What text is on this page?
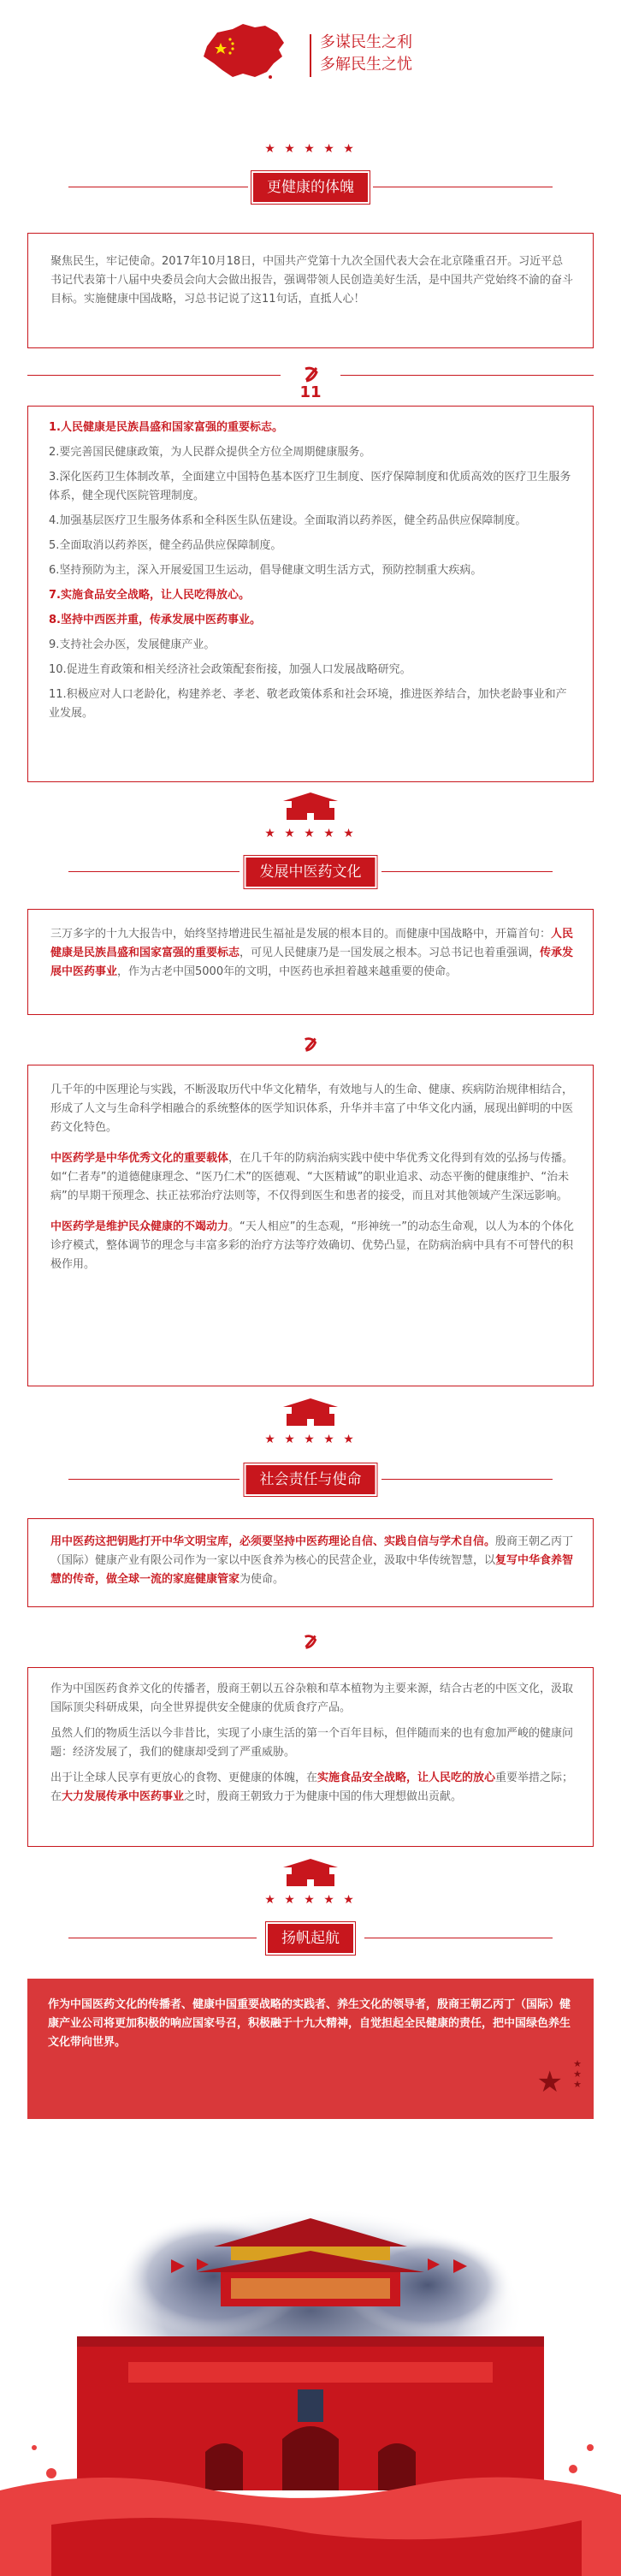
多谋民生之利
多解民生之忧
★ ★ ★ ★ ★
更健康的体魄
聚焦民生，牢记使命。2017年10月18日，中国共产党第十九次全国代表大会在北京隆重召开。习近平总书记代表第十八届中央委员会向大会做出报告，强调带领人民创造美好生活，是中国共产党始终不渝的奋斗目标。实施健康中国战略，习总书记说了这11句话，直抵人心！
11
1.人民健康是民族昌盛和国家富强的重要标志。
2.要完善国民健康政策，为人民群众提供全方位全周期健康服务。
3.深化医药卫生体制改革，全面建立中国特色基本医疗卫生制度、医疗保障制度和优质高效的医疗卫生服务体系，健全现代医院管理制度。
4.加强基层医疗卫生服务体系和全科医生队伍建设。全面取消以药养医，健全药品供应保障制度。
5.全面取消以药养医，健全药品供应保障制度。
6.坚持预防为主，深入开展爱国卫生运动，倡导健康文明生活方式，预防控制重大疾病。
7.实施食品安全战略，让人民吃得放心。
8.坚持中西医并重，传承发展中医药事业。
9.支持社会办医，发展健康产业。
10.促进生育政策和相关经济社会政策配套衔接，加强人口发展战略研究。
11.积极应对人口老龄化，构建养老、孝老、敬老政策体系和社会环境，推进医养结合，加快老龄事业和产业发展。
★ ★ ★ ★ ★
发展中医药文化
三万多字的十九大报告中，始终坚持增进民生福祉是发展的根本目的。而健康中国战略中，开篇首句：人民健康是民族昌盛和国家富强的重要标志，可见人民健康乃是一国发展之根本。习总书记也着重强调，传承发展中医药事业，作为古老中国5000年的文明，中医药也承担着越来越重要的使命。
几千年的中医理论与实践，不断汲取历代中华文化精华，有效地与人的生命、健康、疾病防治规律相结合，形成了人文与生命科学相融合的系统整体的医学知识体系，升华并丰富了中华文化内涵，展现出鲜明的中医药文化特色。
中医药学是中华优秀文化的重要载体，在几千年的防病治病实践中使中华优秀文化得到有效的弘扬与传播。如“仁者寿”的道德健康理念、“医乃仁术”的医德观、“大医精诚”的职业追求、动态平衡的健康维护、“治未病”的早期干预理念、扶正祛邪治疗法则等，不仅得到医生和患者的接受，而且对其他领域产生深远影响。
中医药学是维护民众健康的不竭动力。“天人相应”的生态观，“形神统一”的动态生命观，以人为本的个体化诊疗模式，整体调节的理念与丰富多彩的治疗方法等疗效确切、优势凸显，在防病治病中具有不可替代的积极作用。
★ ★ ★ ★ ★
社会责任与使命
用中医药这把钥匙打开中华文明宝库，必须要坚持中医药理论自信、实践自信与学术自信。殷商王朝乙丙丁（国际）健康产业有限公司作为一家以中医食养为核心的民营企业，汲取中华传统智慧，以复写中华食养智慧的传奇，做全球一流的家庭健康管家为使命。
作为中国医药食养文化的传播者，殷商王朝以五谷杂粮和草本植物为主要来源，结合古老的中医文化，汲取国际顶尖科研成果，向全世界提供安全健康的优质食疗产品。
虽然人们的物质生活以今非昔比，实现了小康生活的第一个百年目标，但伴随而来的也有愈加严峻的健康问题：经济发展了，我们的健康却受到了严重威胁。
出于让全球人民享有更放心的食物、更健康的体魄，在实施食品安全战略，让人民吃的放心重要举措之际；在大力发展传承中医药事业之时，殷商王朝致力于为健康中国的伟大理想做出贡献。
★ ★ ★ ★ ★
扬帆起航
作为中国医药文化的传播者、健康中国重要战略的实践者、养生文化的领导者，殷商王朝乙丙丁（国际）健康产业公司将更加积极的响应国家号召，积极融于十九大精神，自觉担起全民健康的责任，把中国绿色养生文化带向世界。
★
★
★
★
